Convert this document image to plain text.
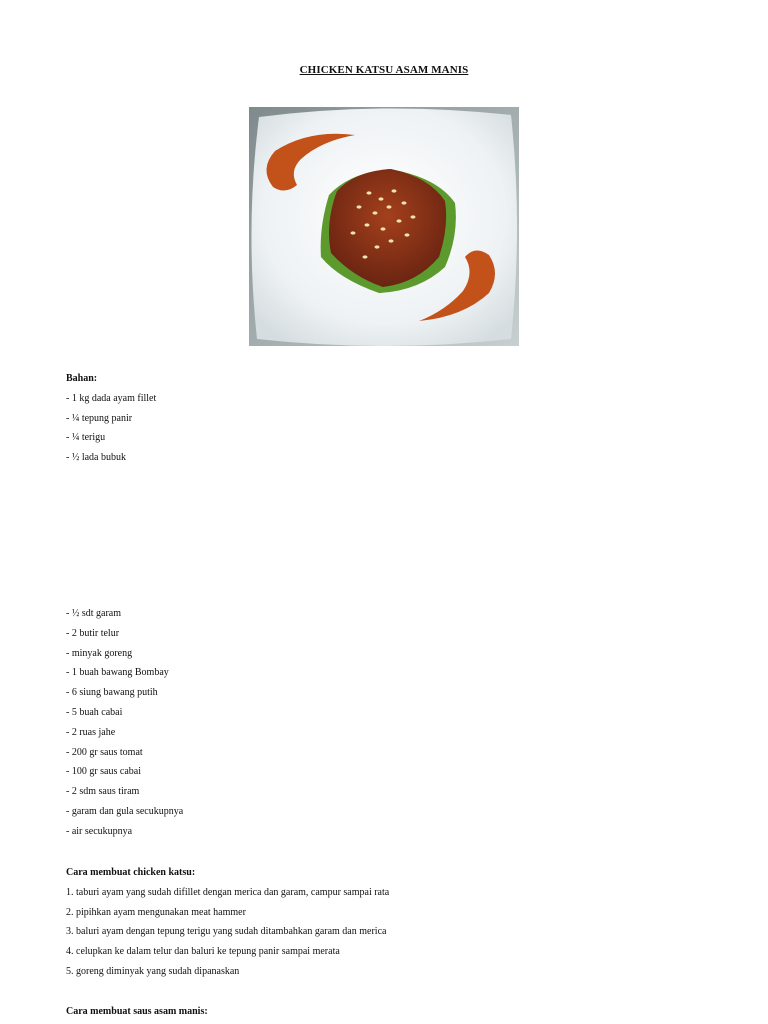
CHICKEN KATSU ASAM MANIS
Bahan:
- 1 kg dada ayam fillet
- ¼ tepung panir
- ¼ terigu
- ½ lada bubuk
- ½ sdt garam
- 2 butir telur
- minyak goreng
- 1 buah bawang Bombay
- 6 siung bawang putih
- 5 buah cabai
- 2 ruas jahe
- 200 gr saus tomat
- 100 gr saus cabai
- 2 sdm saus tiram
- garam dan gula secukupnya
- air secukupnya
Cara membuat chicken katsu:
1. taburi ayam yang sudah difillet dengan merica dan garam, campur sampai rata
2. pipihkan ayam mengunakan meat hammer
3. baluri ayam dengan tepung terigu yang sudah ditambahkan garam dan merica
4. celupkan ke dalam telur dan baluri ke tepung panir sampai merata
5. goreng diminyak yang sudah dipanaskan
Cara membuat saus asam manis:
